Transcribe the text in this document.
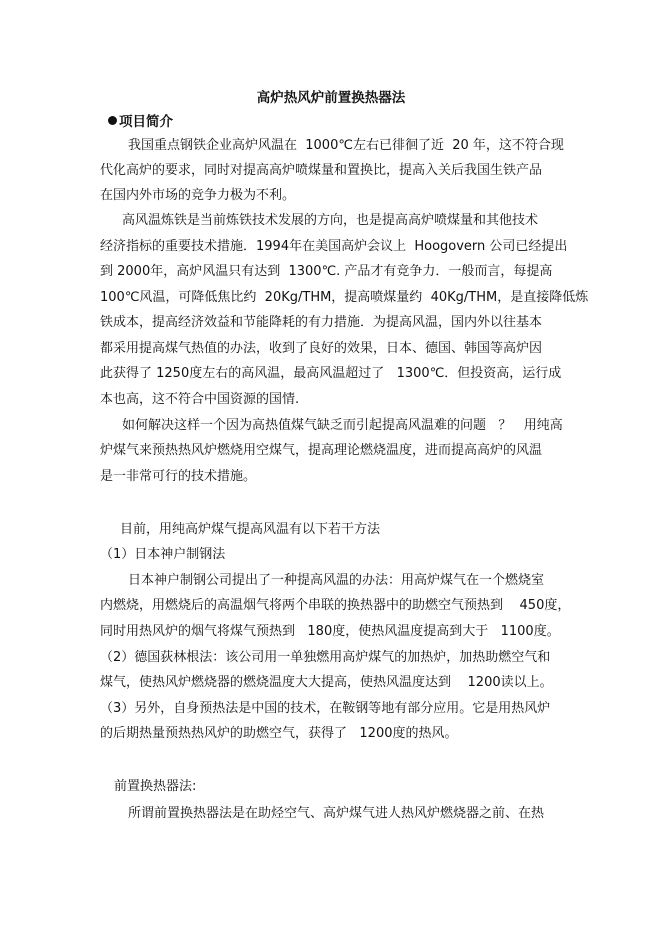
高炉热风炉前置换热器法
项目简介
我国重点钢铁企业高炉风温在  1000℃左右已徘徊了近  20 年，这不符合现
代化高炉的要求，同时对提高高炉喷煤量和置换比，提高入关后我国生铁产品
在国内外市场的竞争力极为不利。
高风温炼铁是当前炼铁技术发展的方向，也是提高高炉喷煤量和其他技术
经济指标的重要技术措施．1994年在美国高炉会议上  Hoogovern 公司已经提出
到 2000年，高炉风温只有达到  1300℃. 产品才有竞争力．一般而言，每提高
100℃风温，可降低焦比约  20Kg/THM，提高喷煤量约  40Kg/THM，是直接降低炼
铁成本，提高经济效益和节能降耗的有力措施．为提高风温，国内外以往基本
都采用提高煤气热值的办法，收到了良好的效果，日本、德国、韩国等高炉因
此获得了 1250度左右的高风温，最高风温超过了   1300℃．但投资高，运行成
本也高，这不符合中国资源的国情.
如何解决这样一个因为高热值煤气缺乏而引起提高风温难的问题   ？   用纯高
炉煤气来预热热风炉燃烧用空煤气，提高理论燃烧温度，进而提高高炉的风温
是一非常可行的技术措施。
目前，用纯高炉煤气提高风温有以下若干方法
（1）日本神户制钢法
日本神户制钢公司提出了一种提高风温的办法：用高炉煤气在一个燃烧室
内燃烧，用燃烧后的高温烟气将两个串联的换热器中的助燃空气预热到    450度，
同时用热风炉的烟气将煤气预热到   180度，使热风温度提高到大于   1100度。
（2）德国荻林根法：该公司用一单独燃用高炉煤气的加热炉，加热助燃空气和
煤气，使热风炉燃烧器的燃烧温度大大提高，使热风温度达到    1200读以上。
（3）另外，自身预热法是中国的技术，在鞍钢等地有部分应用。它是用热风炉
的后期热量预热热风炉的助燃空气，获得了   1200度的热风。
前置换热器法:
所谓前置换热器法是在助烃空气、高炉煤气进人热风炉燃烧器之前、在热
